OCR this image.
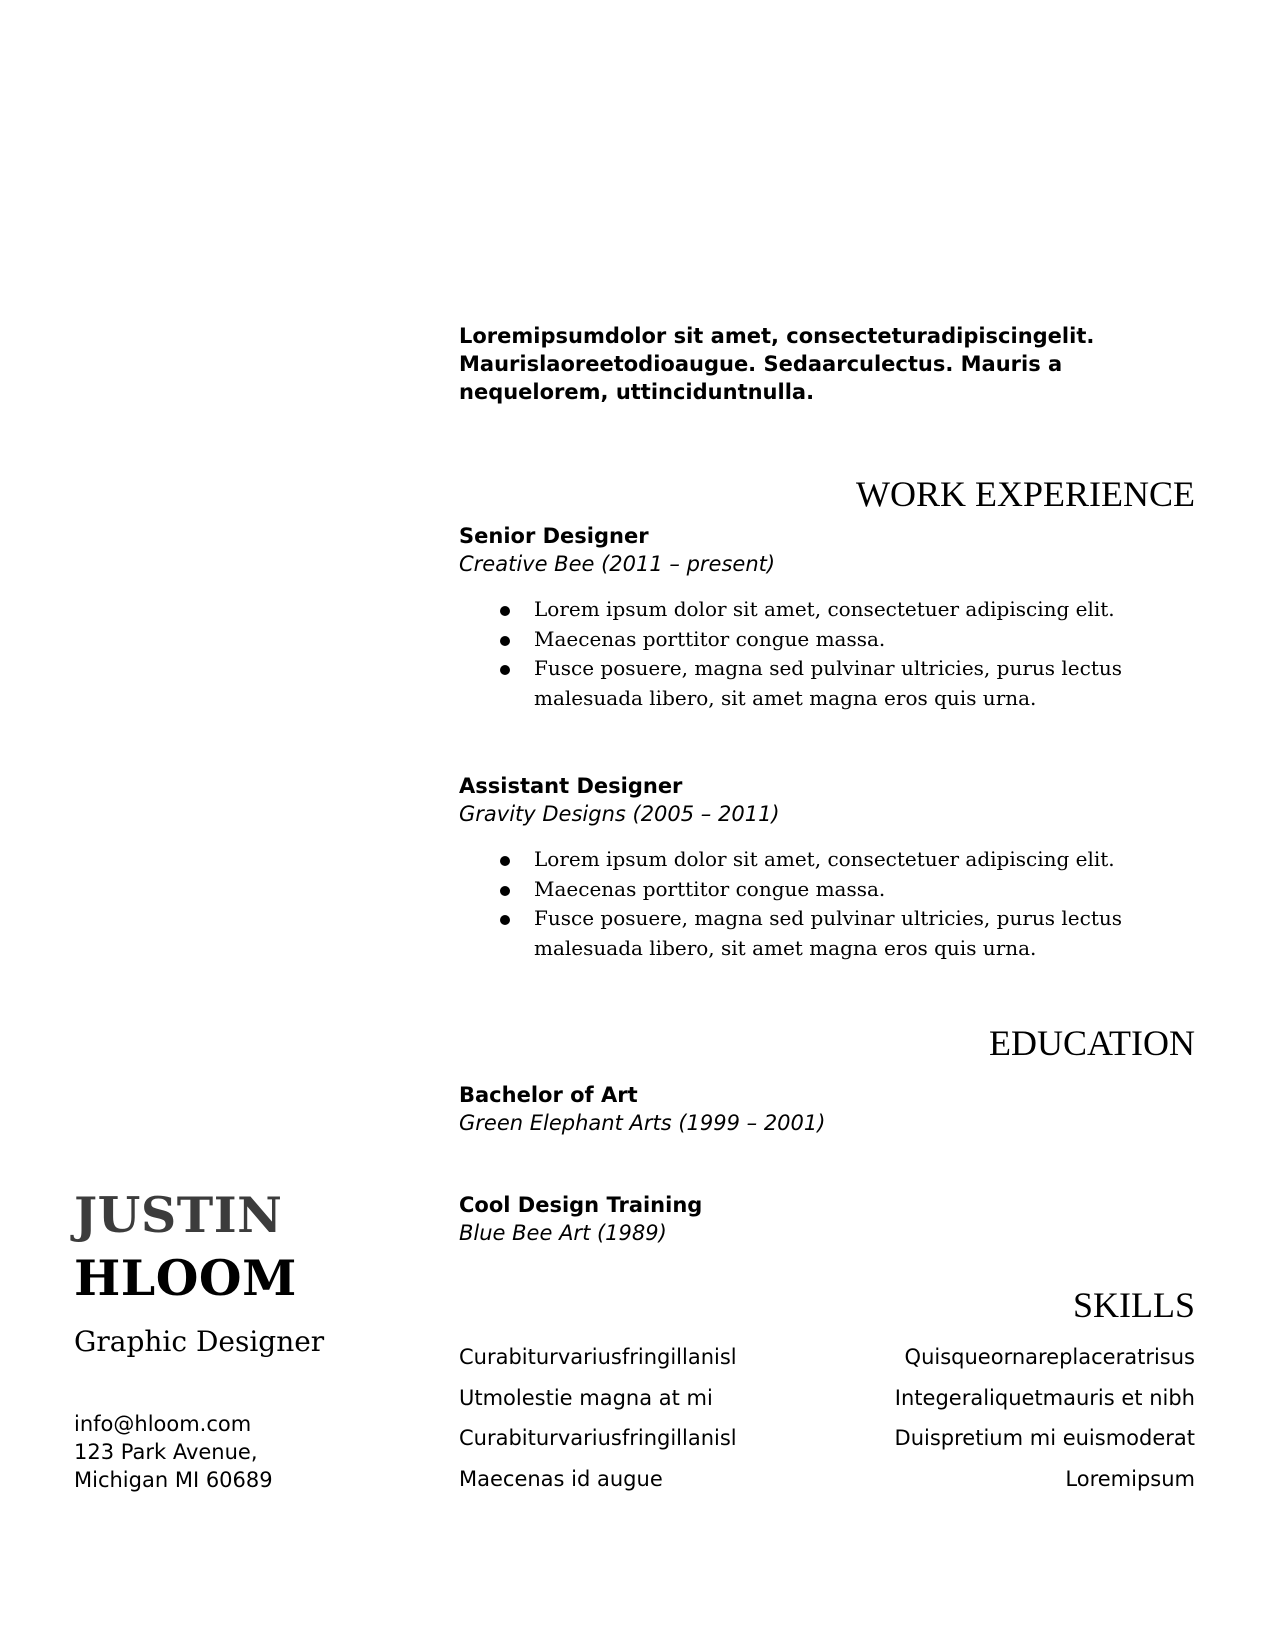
Loremipsumdolor sit amet, consecteturadipiscingelit.
Maurislaoreetodioaugue. Sedaarculectus. Mauris a
nequelorem, uttinciduntnulla.
WORK EXPERIENCE
Senior Designer
Creative Bee (2011 – present)
Lorem ipsum dolor sit amet, consectetuer adipiscing elit.
Maecenas porttitor congue massa.
Fusce posuere, magna sed pulvinar ultricies, purus lectus malesuada libero, sit amet magna eros quis urna.
Assistant Designer
Gravity Designs (2005 – 2011)
Lorem ipsum dolor sit amet, consectetuer adipiscing elit.
Maecenas porttitor congue massa.
Fusce posuere, magna sed pulvinar ultricies, purus lectus malesuada libero, sit amet magna eros quis urna.
EDUCATION
Bachelor of Art
Green Elephant Arts (1999 – 2001)
Cool Design Training
Blue Bee Art (1989)
SKILLS
Curabiturvariusfringillanisl
Utmolestie magna at mi
Curabiturvariusfringillanisl
Maecenas id augue
Quisqueornareplaceratrisus
Integeraliquetmauris et nibh
Duispretium mi euismoderat
Loremipsum
JUSTIN
HLOOM
Graphic Designer
info@hloom.com
123 Park Avenue,
Michigan MI 60689
